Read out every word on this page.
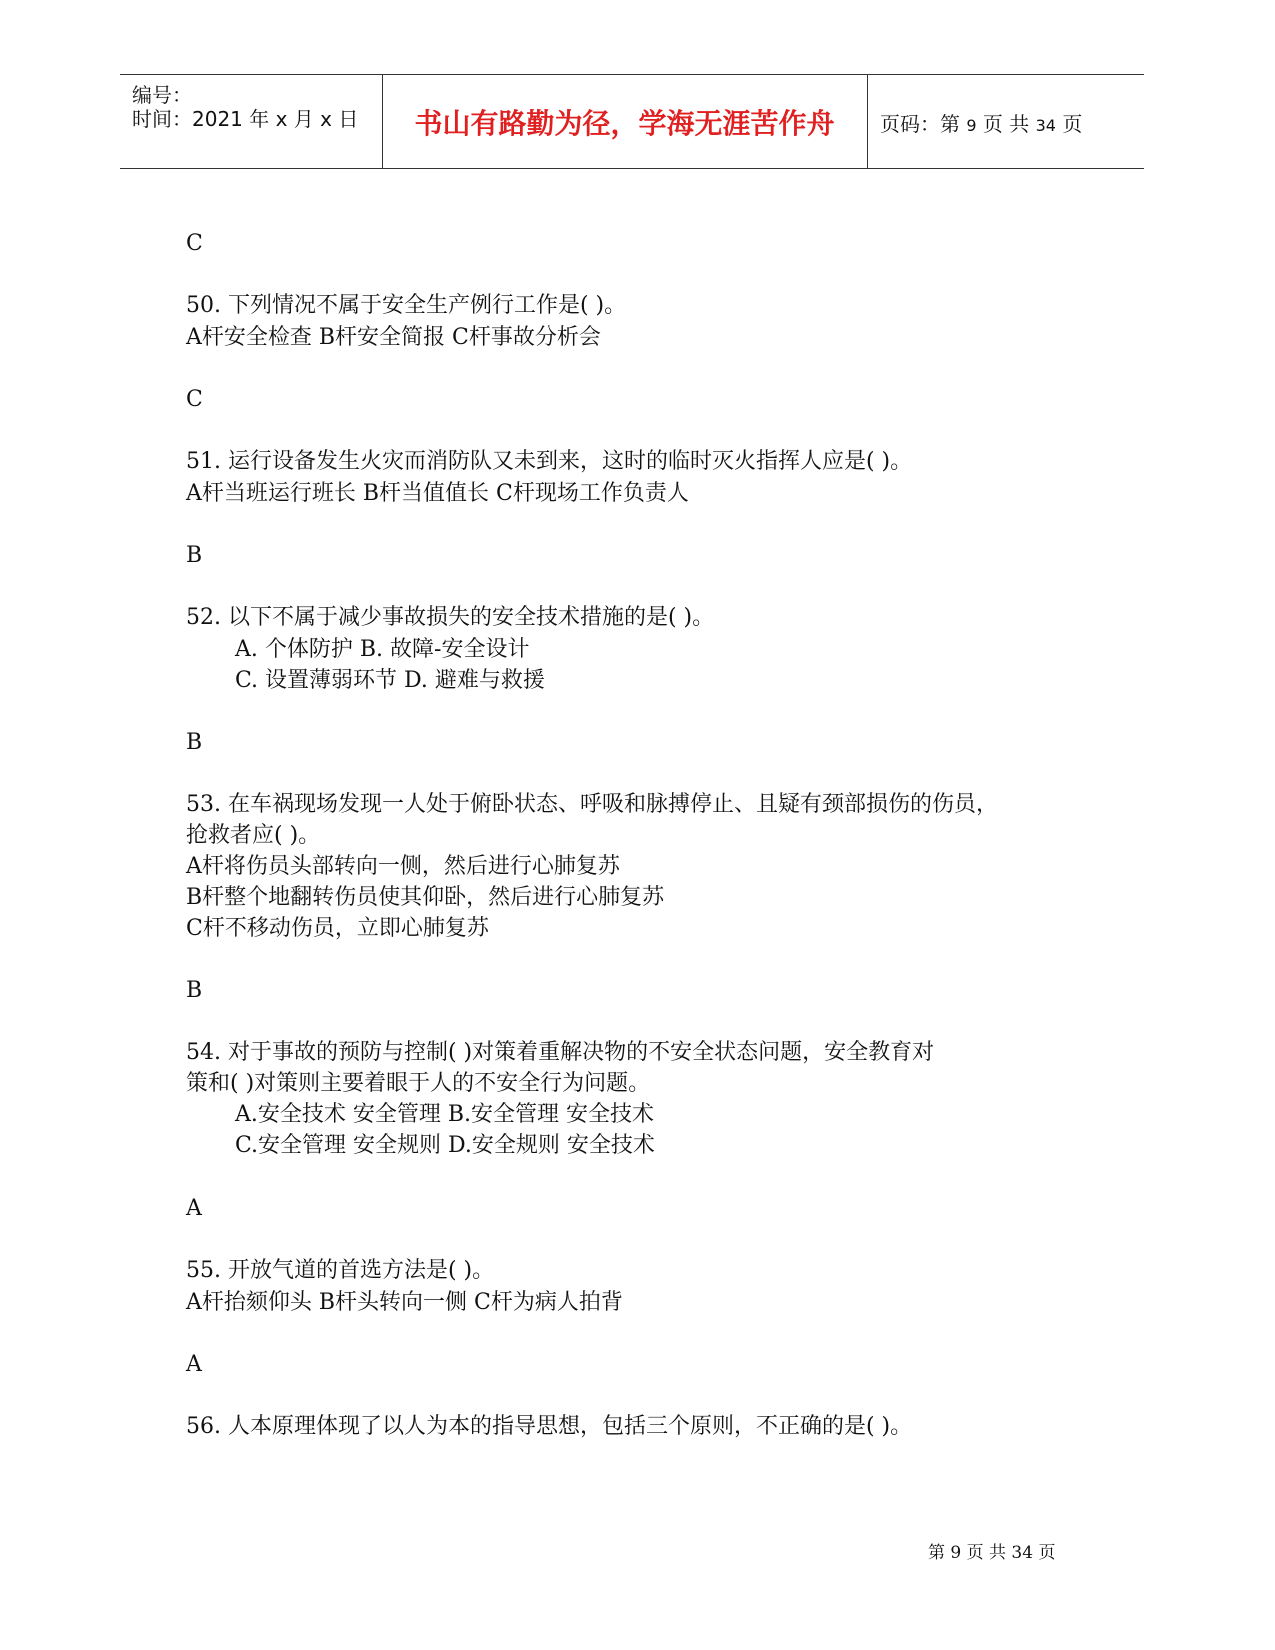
编号：
时间：2021 年 x 月 x 日	书山有路勤为径，学海无涯苦作舟	页码：第 9 页 共 34 页
C
50. 下列情况不属于安全生产例行工作是( )。
A杆安全检查 B杆安全简报 C杆事故分析会
C
51. 运行设备发生火灾而消防队又未到来，这时的临时灭火指挥人应是( )。
A杆当班运行班长 B杆当值值长 C杆现场工作负责人
B
52. 以下不属于减少事故损失的安全技术措施的是( )。
A. 个体防护 B. 故障-安全设计
C. 设置薄弱环节 D. 避难与救援
B
53. 在车祸现场发现一人处于俯卧状态、呼吸和脉搏停止、且疑有颈部损伤的伤员，
抢救者应( )。
A杆将伤员头部转向一侧，然后进行心肺复苏
B杆整个地翻转伤员使其仰卧，然后进行心肺复苏
C杆不移动伤员，立即心肺复苏
B
54. 对于事故的预防与控制( )对策着重解决物的不安全状态问题，安全教育对
策和( )对策则主要着眼于人的不安全行为问题。
A.安全技术 安全管理 B.安全管理 安全技术
C.安全管理 安全规则 D.安全规则 安全技术
A
55. 开放气道的首选方法是( )。
A杆抬颏仰头 B杆头转向一侧 C杆为病人拍背
A
56. 人本原理体现了以人为本的指导思想，包括三个原则，不正确的是( )。
第 9 页 共 34 页
